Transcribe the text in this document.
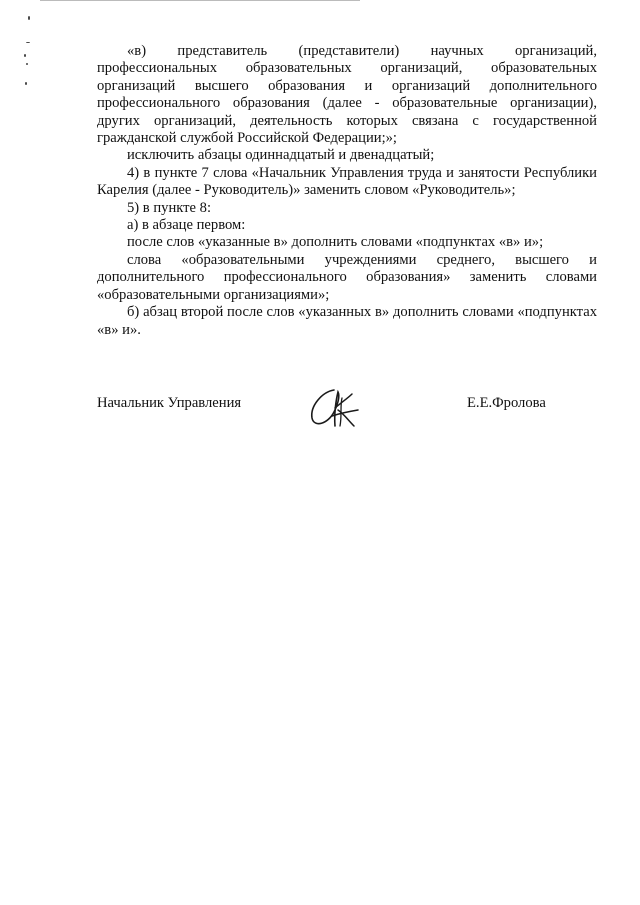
«в) представитель (представители) научных организаций, профессиональных образовательных организаций, образовательных организаций высшего образования и организаций дополнительного профессионального образования (далее - образовательные организации), других организаций, деятельность которых связана с государственной гражданской службой Российской Федерации;»;

исключить абзацы одиннадцатый и двенадцатый;

4) в пункте 7 слова «Начальник Управления труда и занятости Республики Карелия (далее - Руководитель)» заменить словом «Руководитель»;

5) в пункте 8:

а) в абзаце первом:

после слов «указанные в» дополнить словами «подпунктах «в» и»;

слова «образовательными учреждениями среднего, высшего и дополнительного профессионального образования» заменить словами «образовательными организациями»;

б) абзац второй после слов «указанных в» дополнить словами «подпунктах «в» и».

Начальник Управления	Е.Е.Фролова
